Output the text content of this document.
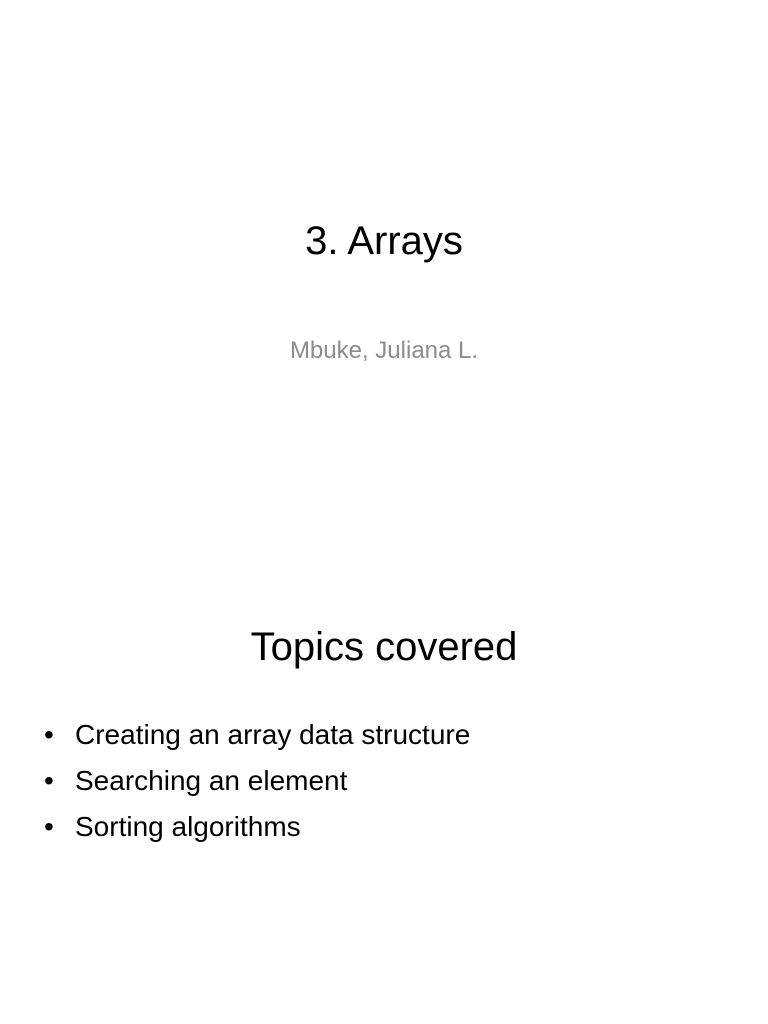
3. Arrays

Mbuke, Juliana L.

Topics covered
• Creating an array data structure
• Searching an element
• Sorting algorithms
